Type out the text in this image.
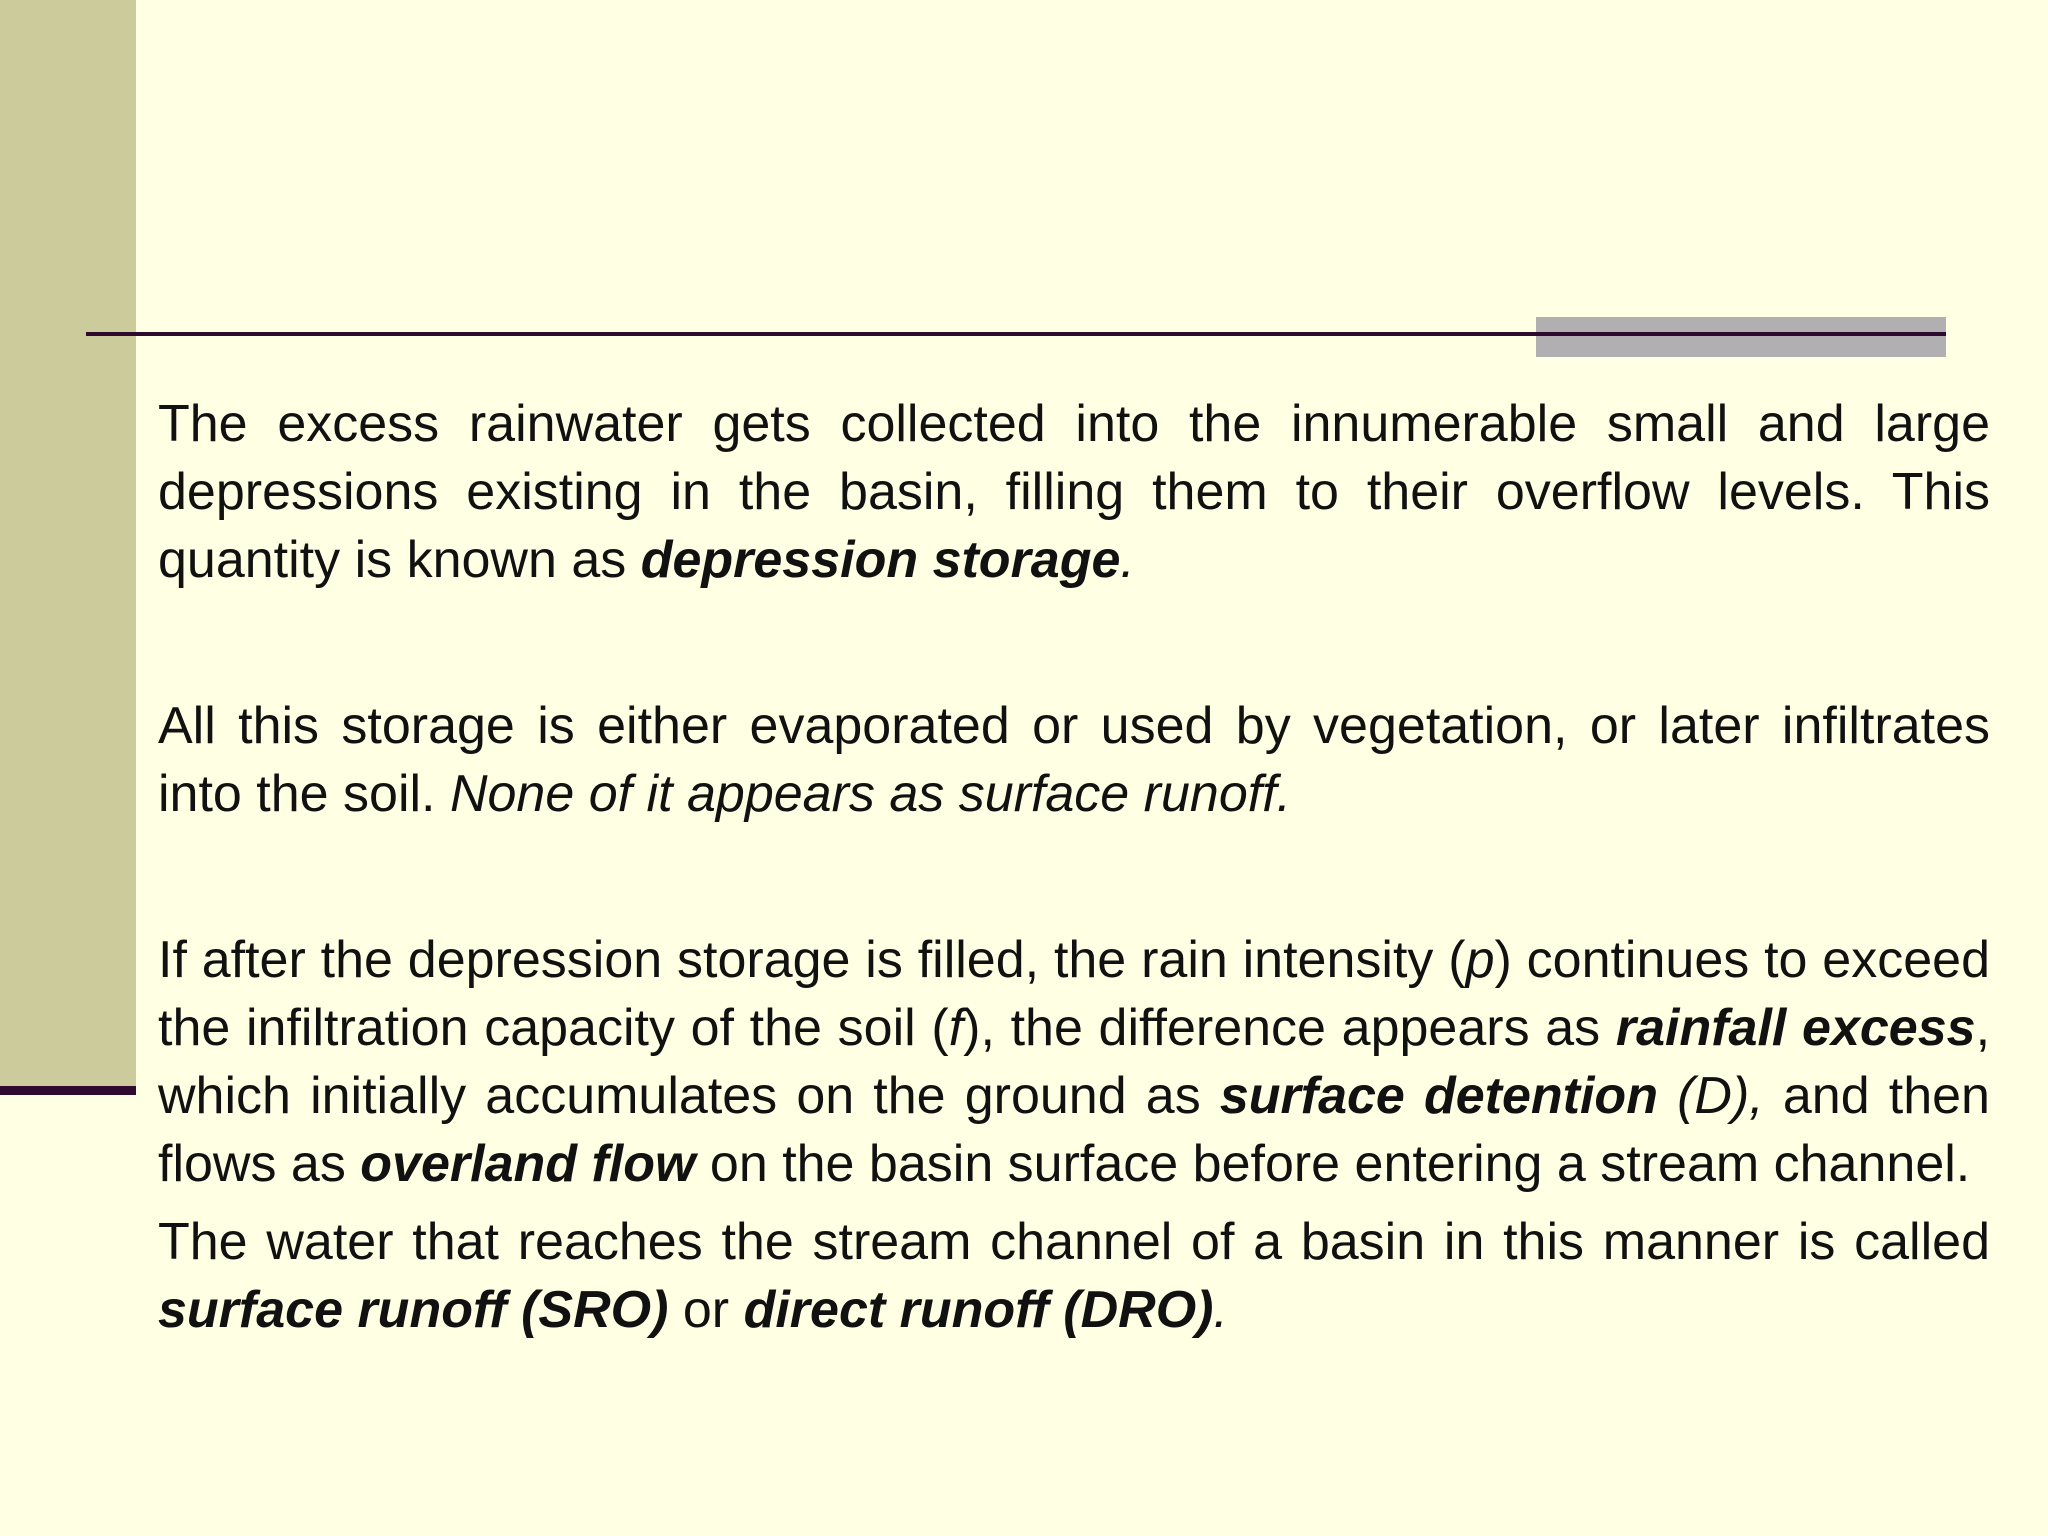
The excess rainwater gets collected into the innumerable small and large depressions existing in the basin, filling them to their overflow levels. This quantity is known as depression storage.

All this storage is either evaporated or used by vegetation, or later infiltrates into the soil. None of it appears as surface runoff.

If after the depression storage is filled, the rain intensity (p) continues to exceed the infiltration capacity of the soil (f), the difference appears as rainfall excess, which initially accumulates on the ground as surface detention (D), and then flows as overland flow on the basin surface before entering a stream channel.

The water that reaches the stream channel of a basin in this manner is called surface runoff (SRO) or direct runoff (DRO).
